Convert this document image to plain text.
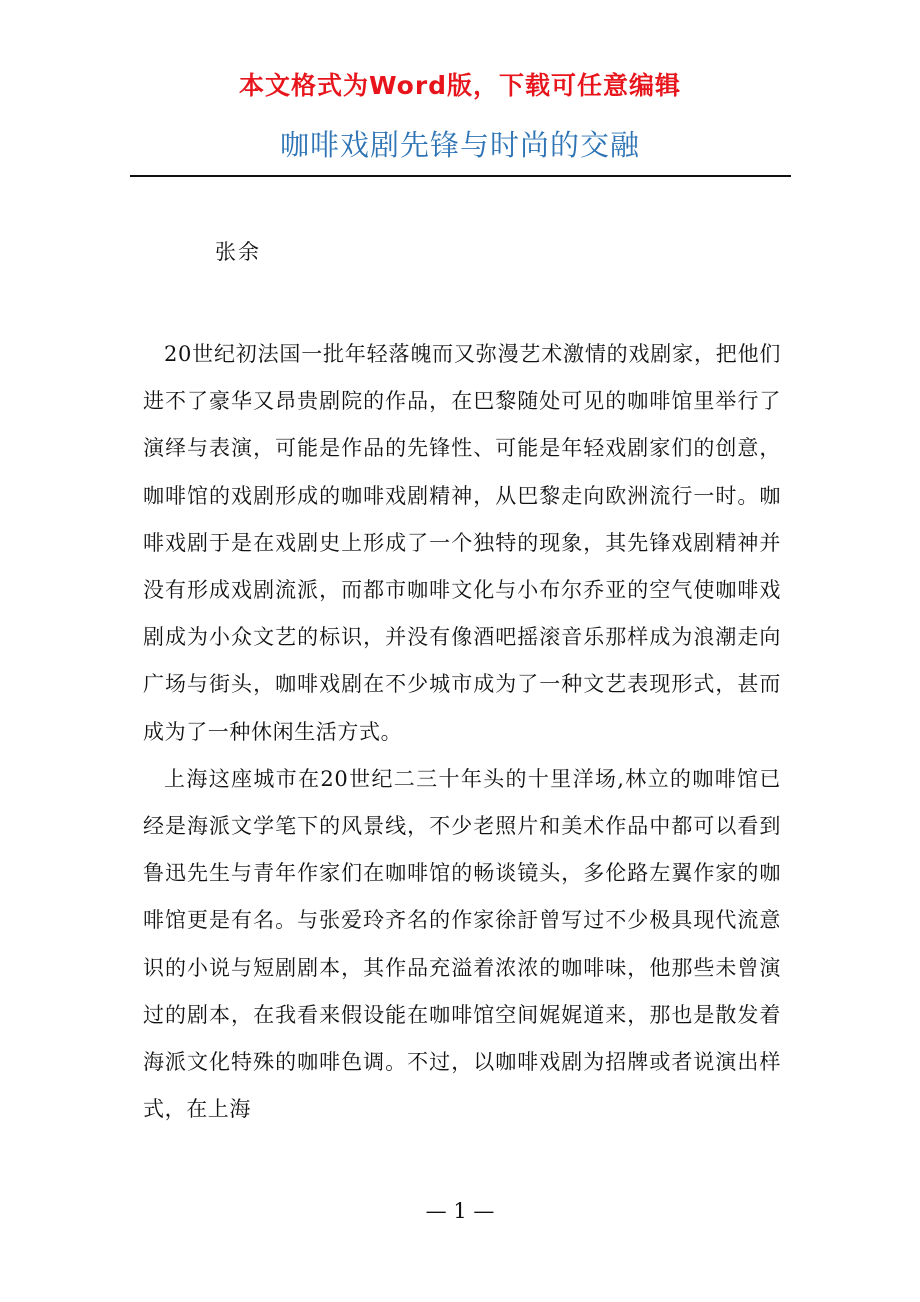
本文格式为Word版，下载可任意编辑
咖啡戏剧先锋与时尚的交融
张余

20世纪初法国一批年轻落魄而又弥漫艺术激情的戏剧家，把他们进不了豪华又昂贵剧院的作品，在巴黎随处可见的咖啡馆里举行了演绎与表演，可能是作品的先锋性、可能是年轻戏剧家们的创意，咖啡馆的戏剧形成的咖啡戏剧精神，从巴黎走向欧洲流行一时。咖啡戏剧于是在戏剧史上形成了一个独特的现象，其先锋戏剧精神并没有形成戏剧流派，而都市咖啡文化与小布尔乔亚的空气使咖啡戏剧成为小众文艺的标识，并没有像酒吧摇滚音乐那样成为浪潮走向广场与街头，咖啡戏剧在不少城市成为了一种文艺表现形式，甚而成为了一种休闲生活方式。

上海这座城市在20世纪二三十年头的十里洋场,林立的咖啡馆已经是海派文学笔下的风景线，不少老照片和美术作品中都可以看到鲁迅先生与青年作家们在咖啡馆的畅谈镜头，多伦路左翼作家的咖啡馆更是有名。与张爱玲齐名的作家徐訏曾写过不少极具现代流意识的小说与短剧剧本，其作品充溢着浓浓的咖啡味，他那些未曾演过的剧本，在我看来假设能在咖啡馆空间娓娓道来，那也是散发着海派文化特殊的咖啡色调。不过，以咖啡戏剧为招牌或者说演出样式，在上海

— 1 —
